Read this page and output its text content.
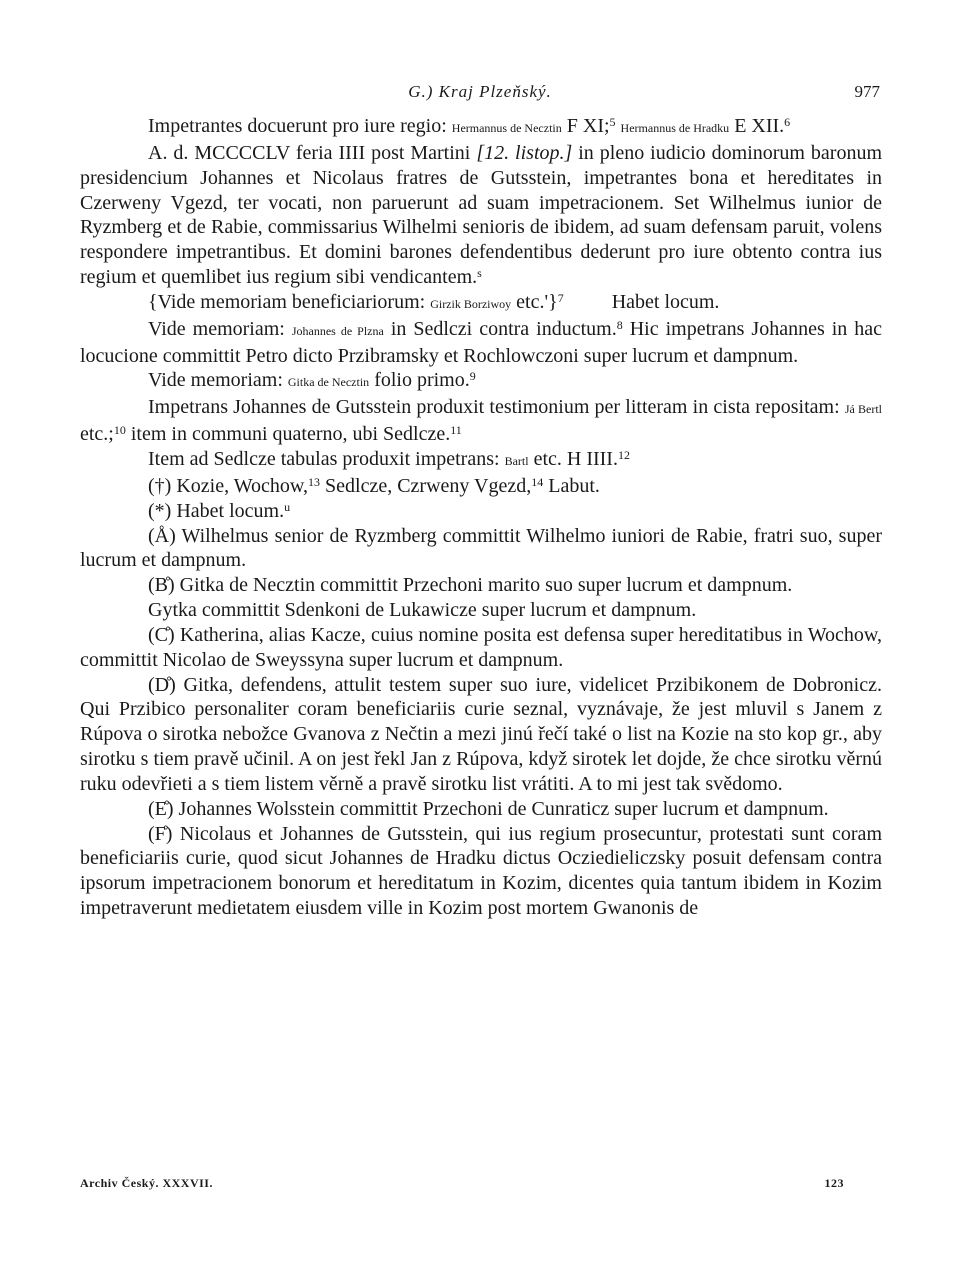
G.) Kraj Plzeňský.	977

Impetrantes docuerunt pro iure regio: Hermannus de Neсztin F XI;$^5$ Hermannus de Hradku E XII.$^6$

A. d. MCCCCLV feria IIII post Martini [12. listop.] in pleno iudicio dominorum baronum presidencium Johannes et Nicolaus fratres de Gutsstein, impetrantes bona et hereditates in Czerweny Vgezd, ter vocati, non paruerunt ad suam impetracionem. Set Wilhelmus iunior de Ryzmberg et de Rabie, commissarius Wilhelmi senioris de ibidem, ad suam defensam paruit, volens respondere impetrantibus. Et domini barones defendentibus dederunt pro iure obtento contra ius regium et quemlibet ius regium sibi vendicantem.$^s$

{Vide memoriam beneficiariorum: Girzik Borziwoy etc.'}$^7$ Habet locum.

Vide memoriam: Johannes de Plzna in Sedlczi contra inductum.$^8$ Hic impetrans Johannes in hac locucione committit Petro dicto Przibramsky et Rochlowczoni super lucrum et dampnum.

Vide memoriam: Gitka de Neсztin folio primo.$^9$

Impetrans Johannes de Gutsstein produxit testimonium per litteram in cista repositam: Já Bertl etc.;$^{10}$ item in communi quaterno, ubi Sedlcze.$^{11}$

Item ad Sedlcze tabulas produxit impetrans: Bartl etc. H IIII.$^{12}$

(†) Kozie, Wochow,$^{13}$ Sedlcze, Czrweny Vgezd,$^{14}$ Labut.

(*) Habet locum.$^u$

(Å) Wilhelmus senior de Ryzmberg committit Wilhelmo iuniori de Rabie, fratri suo, super lucrum et dampnum.

(B̊) Gitka de Neсztin committit Przechoni marito suo super lucrum et dampnum.

Gytka committit Sdenkoni de Lukawicze super lucrum et dampnum.

(C̊) Katherina, alias Kacze, cuius nomine posita est defensa super hereditatibus in Wochow, committit Nicolao de Sweyssyna super lucrum et dampnum.

(D̊) Gitka, defendens, attulit testem super suo iure, videlicet Przibikonem de Dobronicz. Qui Przibico personaliter coram beneficiariis curie seznal, vyznávaje, že jest mluvil s Janem z Rúpova o sirotka nebožce Gvanova z Nečtin a mezi jinú řečí také o list na Kozie na sto kop gr., aby sirotku s tiem pravě učinil. A on jest řekl Jan z Rúpova, když sirotek let dojde, že chce sirotku věrnú ruku odevřieti a s tiem listem věrně a pravě sirotku list vrátiti. A to mi jest tak svědomo.

(E̊) Johannes Wolsstein committit Przechoni de Cunraticz super lucrum et dampnum.

(F̊) Nicolaus et Johannes de Gutsstein, qui ius regium prosecuntur, protestati sunt coram beneficiariis curie, quod sicut Johannes de Hradku dictus Ocziedieliczsky posuit defensam contra ipsorum impetracionem bonorum et hereditatum in Kozim, dicentes quia tantum ibidem in Kozim impetraverunt medietatem eiusdem ville in Kozim post mortem Gwanonis de

Archiv Český. XXXVII.	123
